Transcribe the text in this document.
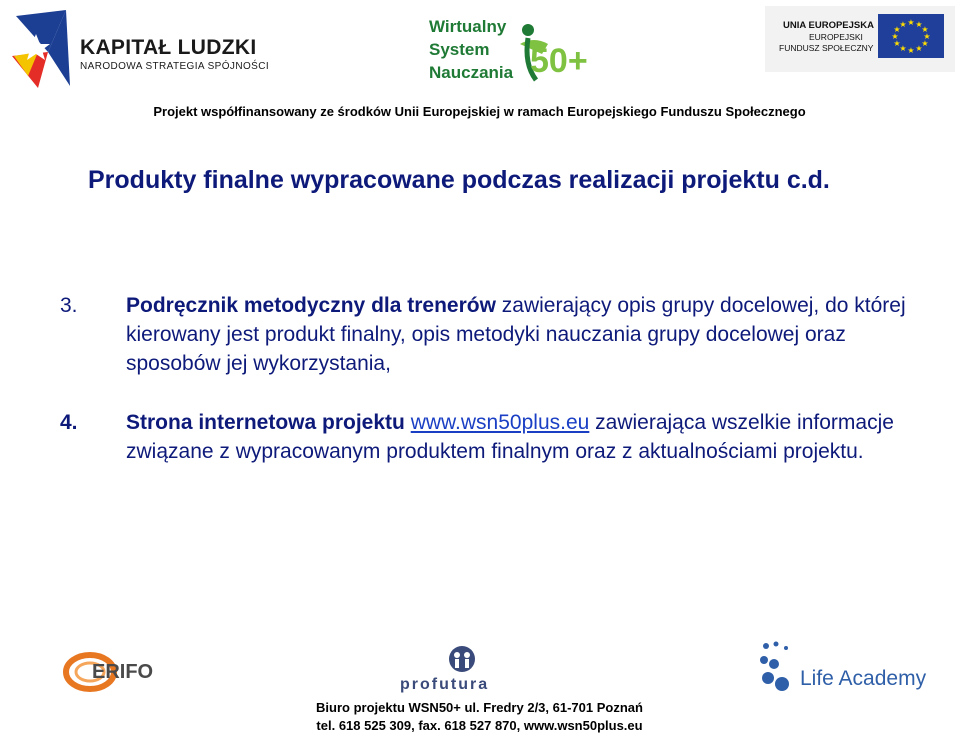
KAPITAŁ LUDZKI
NARODOWA STRATEGIA SPÓJNOŚCI
Wirtualny
System
Nauczania 50+
UNIA EUROPEJSKA
EUROPEJSKI
FUNDUSZ SPOŁECZNY
★ ★
★
★
★
★
★
★
★
★
★
★
Projekt współfinansowany ze środków Unii Europejskiej w ramach Europejskiego Funduszu Społecznego
Produkty finalne wypracowane podczas realizacji projektu c.d.
3. Podręcznik metodyczny dla trenerów zawierający opis grupy docelowej, do której kierowany jest produkt finalny, opis metodyki nauczania grupy docelowej oraz sposobów jej wykorzystania,
4. Strona internetowa projektu www.wsn50plus.eu zawierająca wszelkie informacje związane z wypracowanym produktem finalnym oraz z aktualnościami projektu.
ERIFO
profutura	Life Academy
Biuro projektu WSN50+ ul. Fredry 2/3, 61-701 Poznań
tel. 618 525 309, fax. 618 527 870, www.wsn50plus.eu
